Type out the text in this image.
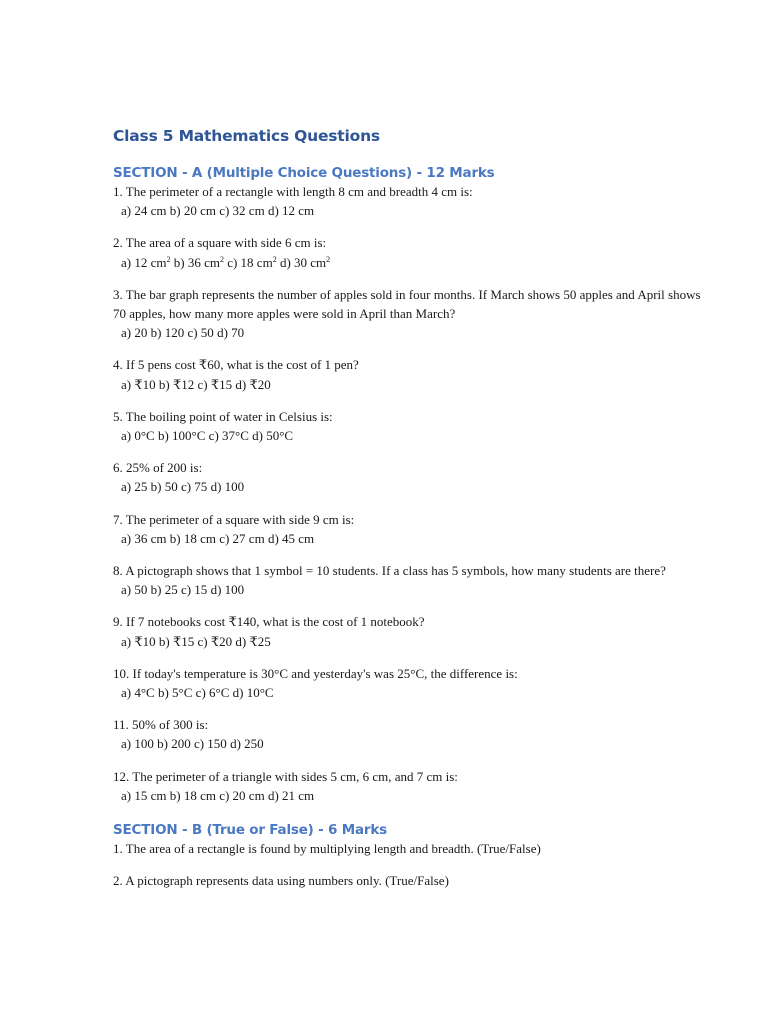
Class 5 Mathematics Questions
SECTION - A (Multiple Choice Questions) - 12 Marks
1. The perimeter of a rectangle with length 8 cm and breadth 4 cm is:
a) 24 cm b) 20 cm c) 32 cm d) 12 cm
2. The area of a square with side 6 cm is:
a) 12 $cm^2$ b) 36 $cm^2$ c) 18 $cm^2$ d) 30 $cm^2$
3. The bar graph represents the number of apples sold in four months. If March shows 50 apples and April shows 70 apples, how many more apples were sold in April than March?
a) 20 b) 120 c) 50 d) 70
4. If 5 pens cost ₹60, what is the cost of 1 pen?
a) ₹10 b) ₹12 c) ₹15 d) ₹20
5. The boiling point of water in Celsius is:
a) 0°C b) 100°C c) 37°C d) 50°C
6. 25% of 200 is:
a) 25 b) 50 c) 75 d) 100
7. The perimeter of a square with side 9 cm is:
a) 36 cm b) 18 cm c) 27 cm d) 45 cm
8. A pictograph shows that 1 symbol = 10 students. If a class has 5 symbols, how many students are there?
a) 50 b) 25 c) 15 d) 100
9. If 7 notebooks cost ₹140, what is the cost of 1 notebook?
a) ₹10 b) ₹15 c) ₹20 d) ₹25
10. If today's temperature is 30°C and yesterday's was 25°C, the difference is:
a) 4°C b) 5°C c) 6°C d) 10°C
11. 50% of 300 is:
a) 100 b) 200 c) 150 d) 250
12. The perimeter of a triangle with sides 5 cm, 6 cm, and 7 cm is:
a) 15 cm b) 18 cm c) 20 cm d) 21 cm
SECTION - B (True or False) - 6 Marks
1. The area of a rectangle is found by multiplying length and breadth. (True/False)
2. A pictograph represents data using numbers only. (True/False)
